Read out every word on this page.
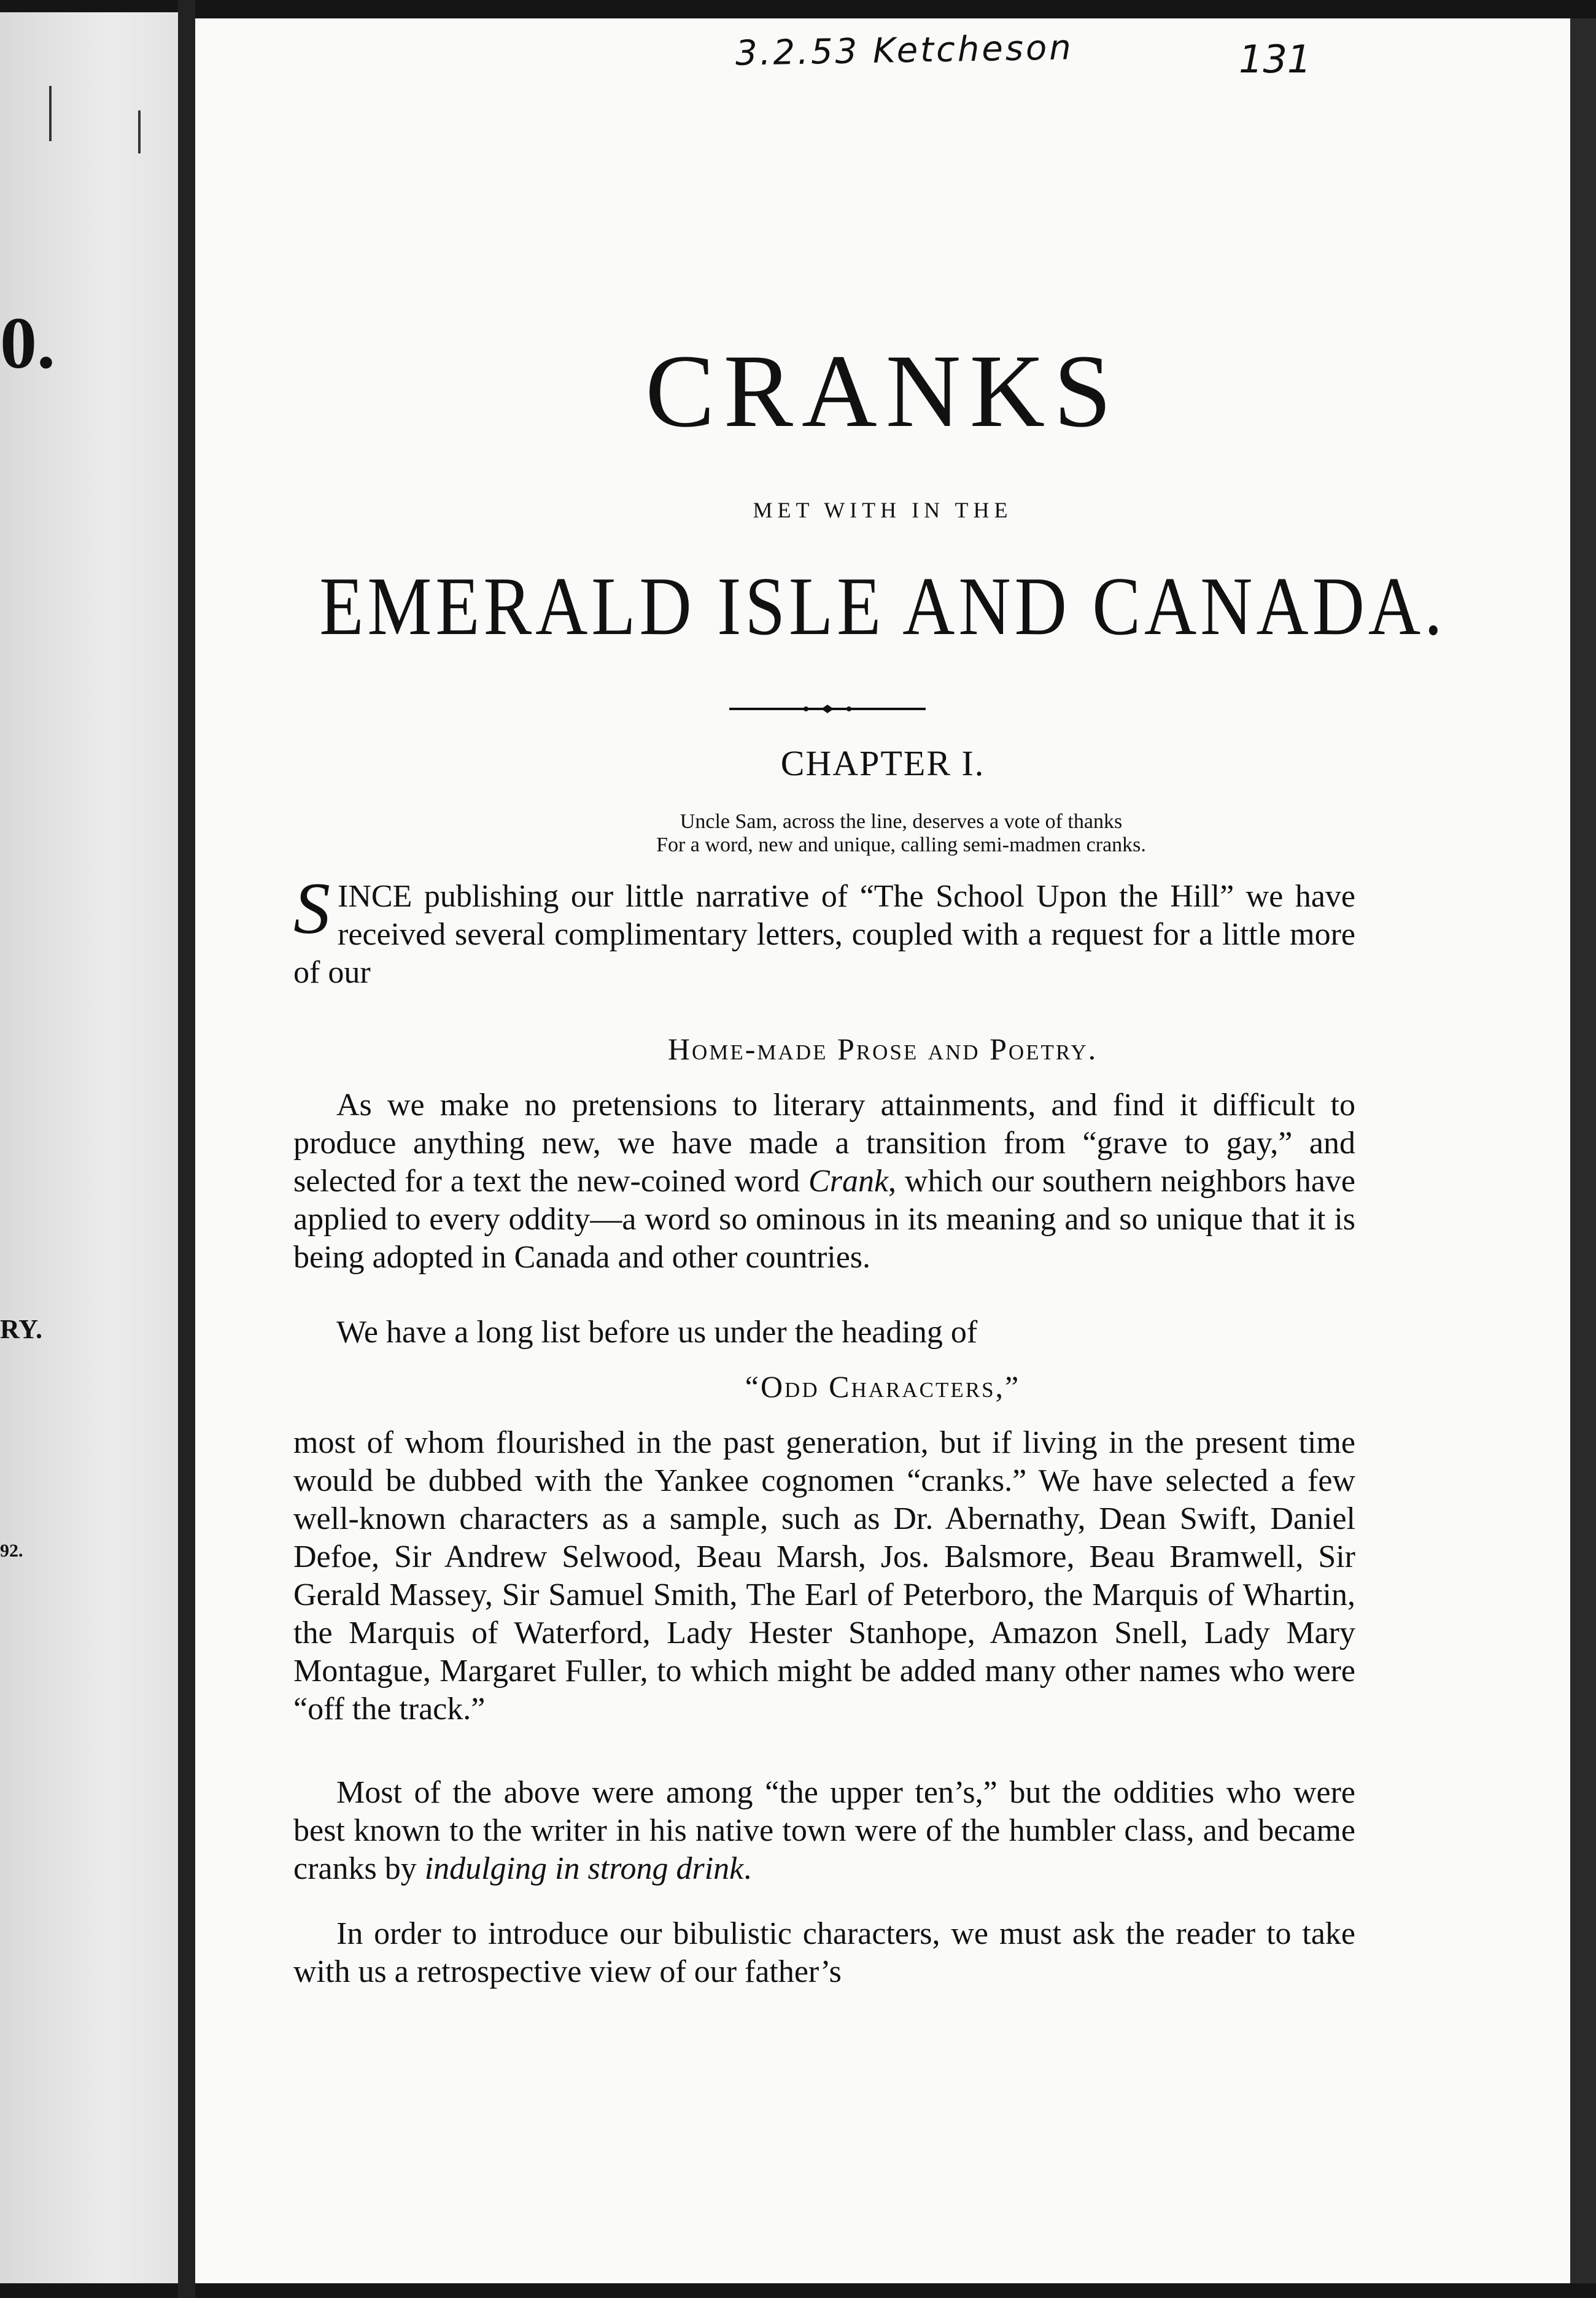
0.
RY.
92.
3.2.53 Ketcheson	131
CRANKS
MET WITH IN THE
EMERALD ISLE AND CANADA.
CHAPTER I.
Uncle Sam, across the line, deserves a vote of thanks
For a word, new and unique, calling semi-madmen cranks.
SINCE publishing our little narrative of “The School Upon the Hill” we have received several complimentary letters, coupled with a request for a little more of our
Home-made Prose and Poetry.
As we make no pretensions to literary attainments, and find it difficult to produce anything new, we have made a transition from “grave to gay,” and selected for a text the new-coined word Crank, which our southern neighbors have applied to every oddity—a word so ominous in its meaning and so unique that it is being adopted in Canada and other countries.
We have a long list before us under the heading of
“Odd Characters,”
most of whom flourished in the past generation, but if living in the present time would be dubbed with the Yankee cognomen “cranks.” We have selected a few well-known characters as a sample, such as Dr. Abernathy, Dean Swift, Daniel Defoe, Sir Andrew Selwood, Beau Marsh, Jos. Balsmore, Beau Bramwell, Sir Gerald Massey, Sir Samuel Smith, The Earl of Peterboro, the Marquis of Whartin, the Marquis of Waterford, Lady Hester Stanhope, Amazon Snell, Lady Mary Montague, Margaret Fuller, to which might be added many other names who were “off the track.”
Most of the above were among “the upper ten’s,” but the oddities who were best known to the writer in his native town were of the humbler class, and became cranks by indulging in strong drink.
In order to introduce our bibulistic characters, we must ask the reader to take with us a retrospective view of our father’s
